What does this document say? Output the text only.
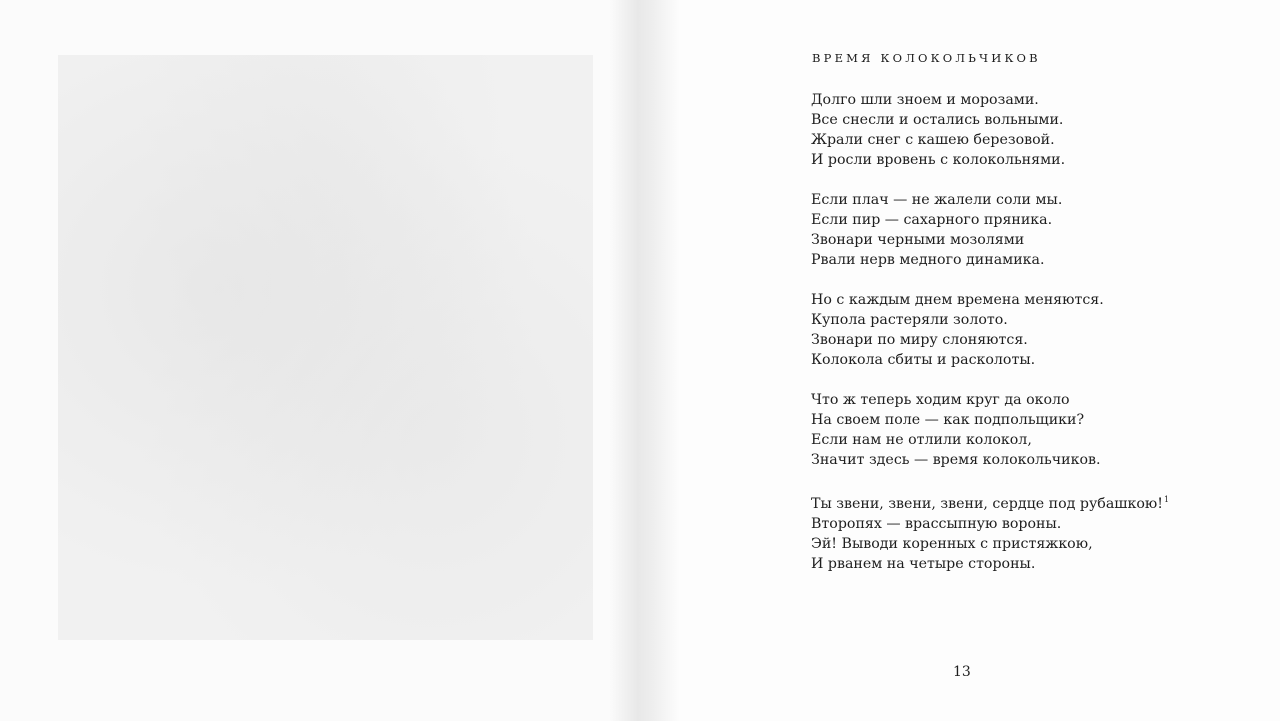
ВРЕМЯ КОЛОКОЛЬЧИКОВ

Долго шли зноем и морозами.
Все снесли и остались вольными.
Жрали снег с кашею березовой.
И росли вровень с колокольнями.

Если плач — не жалели соли мы.
Если пир — сахарного пряника.
Звонари черными мозолями
Рвали нерв медного динамика.

Но с каждым днем времена меняются.
Купола растеряли золото.
Звонари по миру слоняются.
Колокола сбиты и расколоты.

Что ж теперь ходим круг да около
На своем поле — как подпольщики?
Если нам не отлили колокол,
Значит здесь — время колокольчиков.

Ты звени, звени, звени, сердце под рубашкою!$^1$
Второпях — врассыпную вороны.
Эй! Выводи коренных с пристяжкою,
И рванем на четыре стороны.

13
